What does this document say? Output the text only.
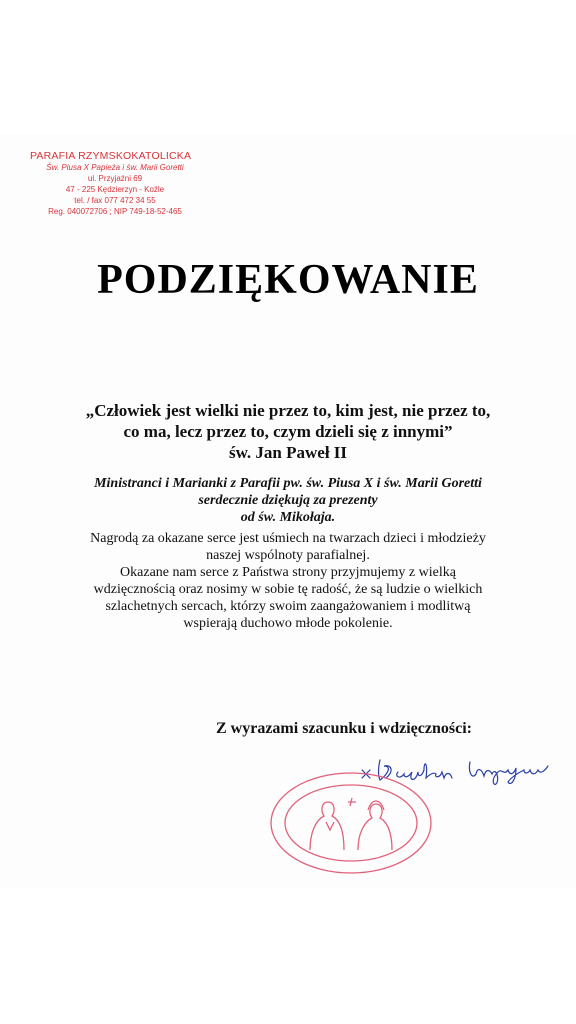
PARAFIA RZYMSKOKATOLICKA
Św. Piusa X Papieża i św. Marii Goretti
ul. Przyjaźni 69
47 - 225 Kędzierzyn - Koźle
tel. / fax 077 472 34 55
Reg. 040072706 ; NIP 749-18-52-465
PODZIĘKOWANIE
„Człowiek jest wielki nie przez to, kim jest, nie przez to,
co ma, lecz przez to, czym dzieli się z innymi”
św. Jan Paweł II
Ministranci i Marianki z Parafii pw. św. Piusa X i św. Marii Goretti
serdecznie dziękują za prezenty
od św. Mikołaja.
Nagrodą za okazane serce jest uśmiech na twarzach dzieci i młodzieży
naszej wspólnoty parafialnej.
Okazane nam serce z Państwa strony przyjmujemy z wielką
wdzięcznością oraz nosimy w sobie tę radość, że są ludzie o wielkich
szlachetnych sercach, którzy swoim zaangażowaniem i modlitwą
wspierają duchowo młode pokolenie.
Z wyrazami szacunku i wdzięczności:
